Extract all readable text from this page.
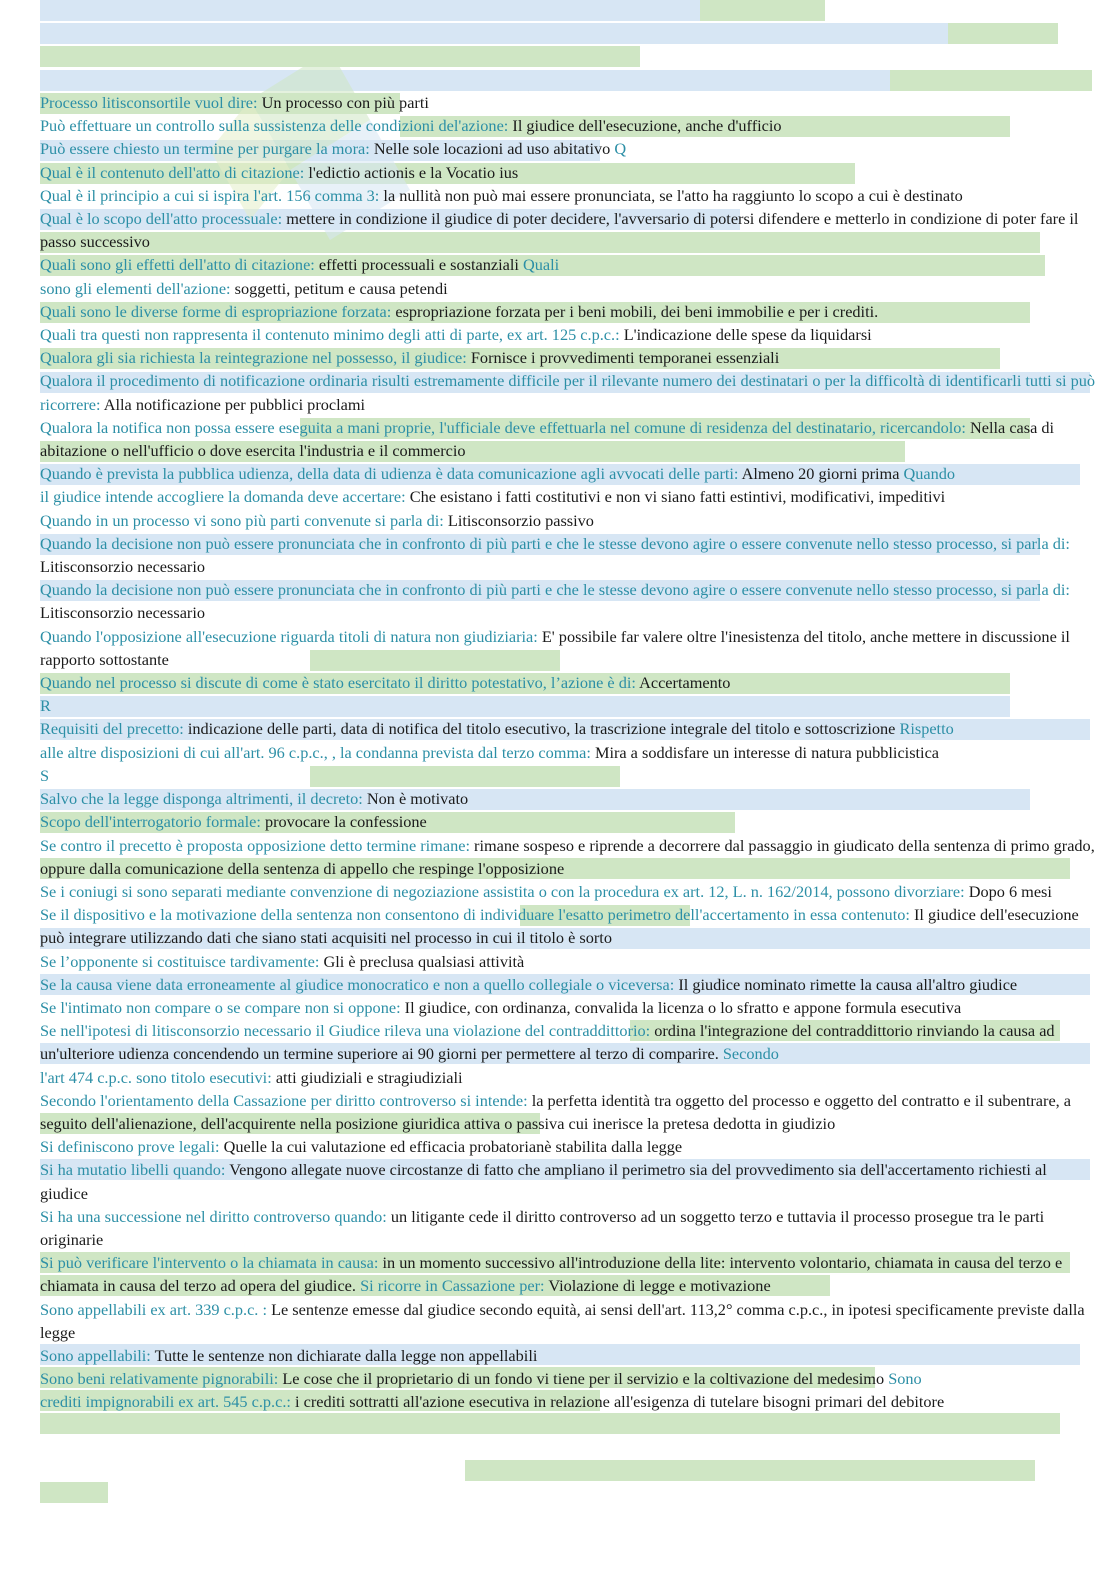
Processo litisconsortile vuol dire: Un processo con più parti

Può effettuare un controllo sulla sussistenza delle condizioni del'azione: Il giudice dell'esecuzione, anche d'ufficio

Può essere chiesto un termine per purgare la mora: Nelle sole locazioni ad uso abitativo Q

Qual è il contenuto dell'atto di citazione: l'edictio actionis e la Vocatio ius

Qual è il principio a cui si ispira l'art. 156 comma 3: la nullità non può mai essere pronunciata, se l'atto ha raggiunto lo scopo a cui è destinato

Qual è lo scopo dell'atto processuale: mettere in condizione il giudice di poter decidere, l'avversario di potersi difendere e metterlo in condizione di poter fare il passo successivo

Quali sono gli effetti dell'atto di citazione: effetti processuali e sostanziali Quali

sono gli elementi dell'azione: soggetti, petitum e causa petendi

Quali sono le diverse forme di espropriazione forzata: espropriazione forzata per i beni mobili, dei beni immobilie e per i crediti.

Quali tra questi non rappresenta il contenuto minimo degli atti di parte, ex art. 125 c.p.c.: L'indicazione delle spese da liquidarsi

Qualora gli sia richiesta la reintegrazione nel possesso, il giudice: Fornisce i provvedimenti temporanei essenziali

Qualora il procedimento di notificazione ordinaria risulti estremamente difficile per il rilevante numero dei destinatari o per la difficoltà di identificarli tutti si può ricorrere: Alla notificazione per pubblici proclami

Qualora la notifica non possa essere eseguita a mani proprie, l'ufficiale deve effettuarla nel comune di residenza del destinatario, ricercandolo: Nella casa di abitazione o nell'ufficio o dove esercita l'industria e il commercio

Quando è prevista la pubblica udienza, della data di udienza è data comunicazione agli avvocati delle parti: Almeno 20 giorni prima Quando

il giudice intende accogliere la domanda deve accertare: Che esistano i fatti costitutivi e non vi siano fatti estintivi, modificativi, impeditivi

Quando in un processo vi sono più parti convenute si parla di: Litisconsorzio passivo

Quando la decisione non può essere pronunciata che in confronto di più parti e che le stesse devono agire o essere convenute nello stesso processo, si parla di: Litisconsorzio necessario

Quando la decisione non può essere pronunciata che in confronto di più parti e che le stesse devono agire o essere convenute nello stesso processo, si parla di: Litisconsorzio necessario

Quando l'opposizione all'esecuzione riguarda titoli di natura non giudiziaria: E' possibile far valere oltre l'inesistenza del titolo, anche mettere in discussione il rapporto sottostante

Quando nel processo si discute di come è stato esercitato il diritto potestativo, l’azione è di: Accertamento

R

Requisiti del precetto: indicazione delle parti, data di notifica del titolo esecutivo, la trascrizione integrale del titolo e sottoscrizione Rispetto

alle altre disposizioni di cui all'art. 96 c.p.c., , la condanna prevista dal terzo comma: Mira a soddisfare un interesse di natura pubblicistica

S

Salvo che la legge disponga altrimenti, il decreto: Non è motivato

Scopo dell'interrogatorio formale: provocare la confessione

Se contro il precetto è proposta opposizione detto termine rimane: rimane sospeso e riprende a decorrere dal passaggio in giudicato della sentenza di primo grado, oppure dalla comunicazione della sentenza di appello che respinge l'opposizione

Se i coniugi si sono separati mediante convenzione di negoziazione assistita o con la procedura ex art. 12, L. n. 162/2014, possono divorziare: Dopo 6 mesi

Se il dispositivo e la motivazione della sentenza non consentono di individuare l'esatto perimetro dell'accertamento in essa contenuto: Il giudice dell'esecuzione può integrare utilizzando dati che siano stati acquisiti nel processo in cui il titolo è sorto

Se l’opponente si costituisce tardivamente: Gli è preclusa qualsiasi attività

Se la causa viene data erroneamente al giudice monocratico e non a quello collegiale o viceversa: Il giudice nominato rimette la causa all'altro giudice

Se l'intimato non compare o se compare non si oppone: Il giudice, con ordinanza, convalida la licenza o lo sfratto e appone formula esecutiva

Se nell'ipotesi di litisconsorzio necessario il Giudice rileva una violazione del contraddittorio: ordina l'integrazione del contraddittorio rinviando la causa ad un'ulteriore udienza concendendo un termine superiore ai 90 giorni per permettere al terzo di comparire. Secondo

l'art 474 c.p.c. sono titolo esecutivi: atti giudiziali e stragiudiziali

Secondo l'orientamento della Cassazione per diritto controverso si intende: la perfetta identità tra oggetto del processo e oggetto del contratto e il subentrare, a seguito dell'alienazione, dell'acquirente nella posizione giuridica attiva o passiva cui inerisce la pretesa dedotta in giudizio

Si definiscono prove legali: Quelle la cui valutazione ed efficacia probatorianè stabilita dalla legge

Si ha mutatio libelli quando: Vengono allegate nuove circostanze di fatto che ampliano il perimetro sia del provvedimento sia dell'accertamento richiesti al giudice

Si ha una successione nel diritto controverso quando: un litigante cede il diritto controverso ad un soggetto terzo e tuttavia il processo prosegue tra le parti originarie

Si può verificare l'intervento o la chiamata in causa: in un momento successivo all'introduzione della lite: intervento volontario, chiamata in causa del terzo e chiamata in causa del terzo ad opera del giudice. Si ricorre in Cassazione per: Violazione di legge e motivazione

Sono appellabili ex art. 339 c.p.c. : Le sentenze emesse dal giudice secondo equità, ai sensi dell'art. 113,2° comma c.p.c., in ipotesi specificamente previste dalla legge

Sono appellabili: Tutte le sentenze non dichiarate dalla legge non appellabili

Sono beni relativamente pignorabili: Le cose che il proprietario di un fondo vi tiene per il servizio e la coltivazione del medesimo Sono

crediti impignorabili ex art. 545 c.p.c.: i crediti sottratti all'azione esecutiva in relazione all'esigenza di tutelare bisogni primari del debitore
